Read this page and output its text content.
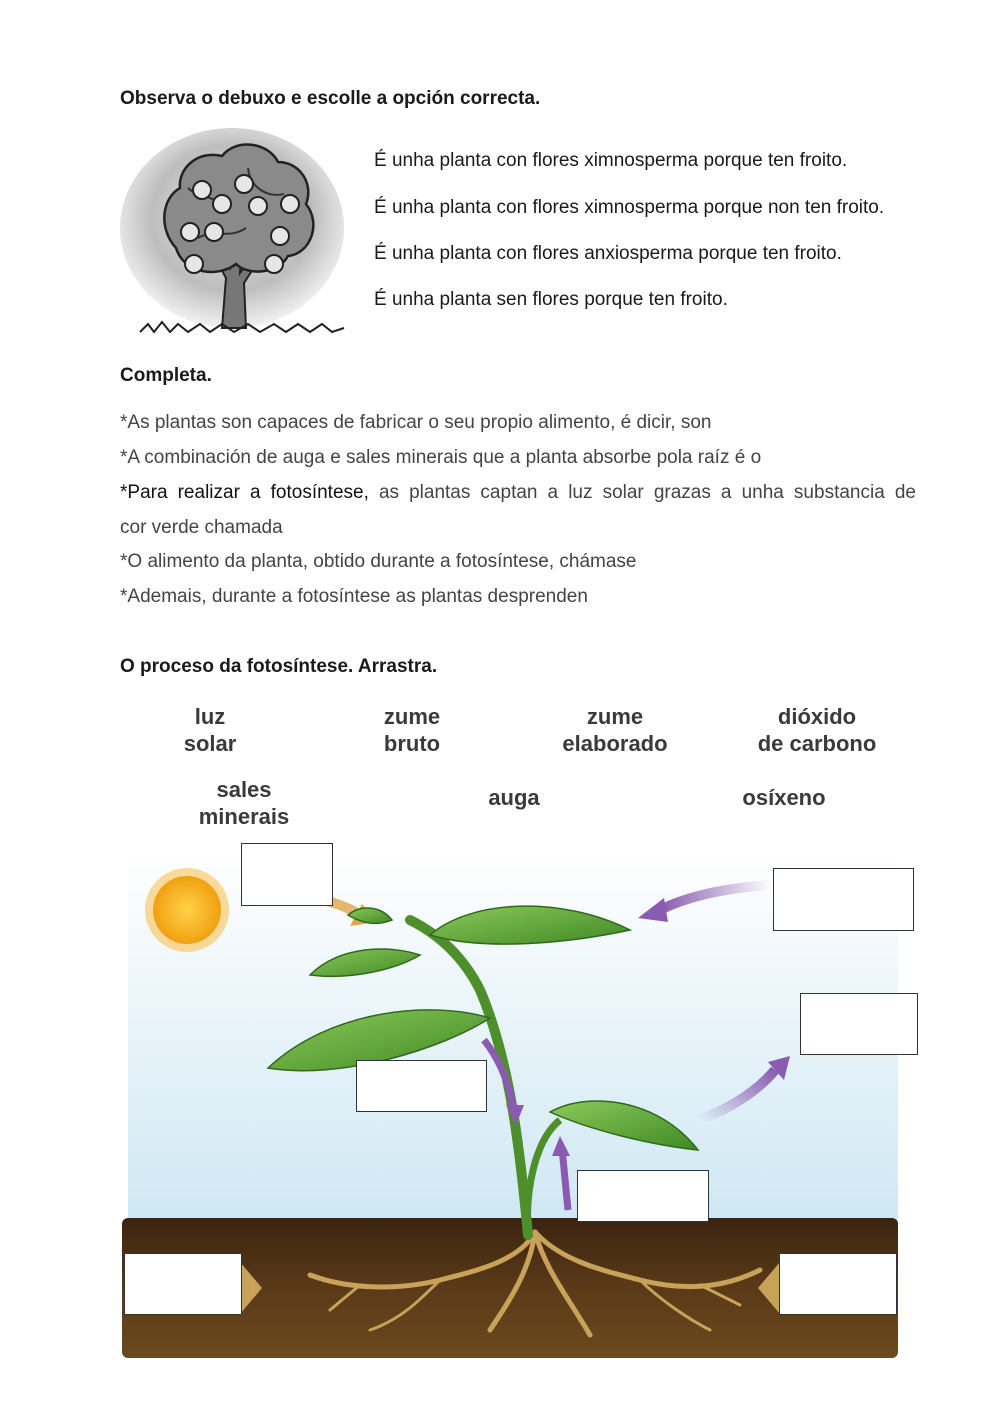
Observa o debuxo e escolle a opción correcta.
É unha planta con flores ximnosperma porque ten froito.
É unha planta con flores ximnosperma porque non ten froito.
É unha planta con flores anxiosperma porque ten froito.
É unha planta sen flores porque ten froito.
Completa.
*As plantas son capaces de fabricar o seu propio alimento, é dicir, son
*A combinación de auga e sales minerais que a planta absorbe pola raíz é o
*Para realizar a fotosíntese, as plantas captan a luz solar grazas a unha substancia de
cor verde chamada
*O alimento da planta, obtido durante a fotosíntese, chámase
*Ademais, durante a fotosíntese as plantas desprenden
O proceso da fotosíntese. Arrastra.
luz
solar
zume
bruto
zume
elaborado
dióxido
de carbono
sales
minerais
auga	osíxeno
